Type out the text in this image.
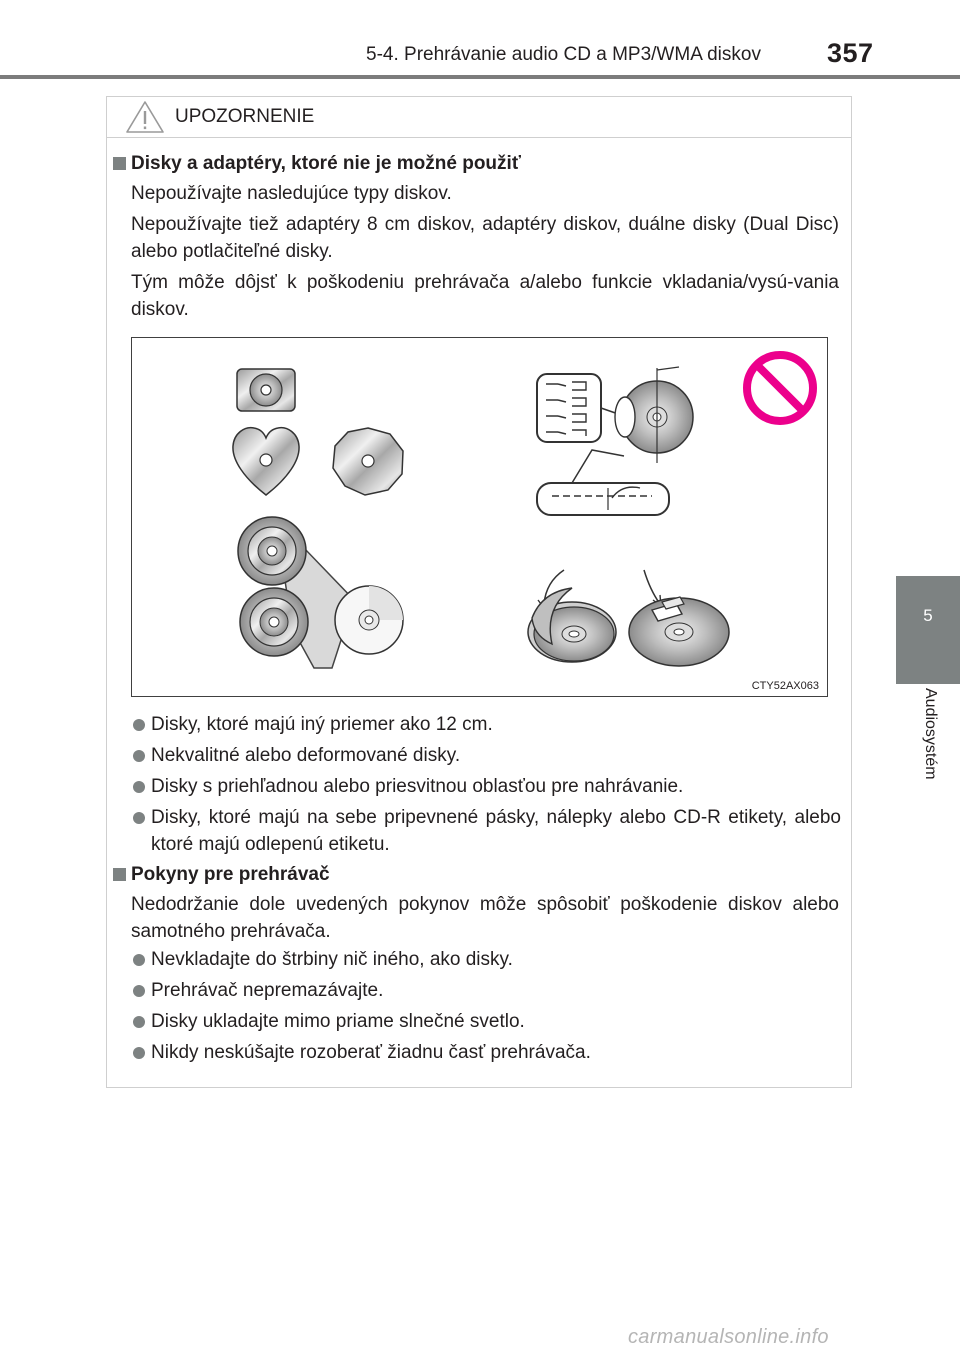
5-4. Prehrávanie audio CD a MP3/WMA diskov 357
5
Audiosystém
UPOZORNENIE
Disky a adaptéry, ktoré nie je možné použiť
Nepoužívajte nasledujúce typy diskov.
Nepoužívajte tiež adaptéry 8 cm diskov, adaptéry diskov, duálne disky (Dual Disc) alebo potlačiteľné disky.
Tým môže dôjsť k poškodeniu prehrávača a/alebo funkcie vkladania/vysú-vania diskov.
CTY52AX063
Disky, ktoré majú iný priemer ako 12 cm.
Nekvalitné alebo deformované disky.
Disky s priehľadnou alebo priesvitnou oblasťou pre nahrávanie.
Disky, ktoré majú na sebe pripevnené pásky, nálepky alebo CD-R etikety, alebo ktoré majú odlepenú etiketu.
Pokyny pre prehrávač
Nedodržanie dole uvedených pokynov môže spôsobiť poškodenie diskov alebo samotného prehrávača.
Nevkladajte do štrbiny nič iného, ako disky.
Prehrávač nepremazávajte.
Disky ukladajte mimo priame slnečné svetlo.
Nikdy neskúšajte rozoberať žiadnu časť prehrávača.
carmanualsonline.info
